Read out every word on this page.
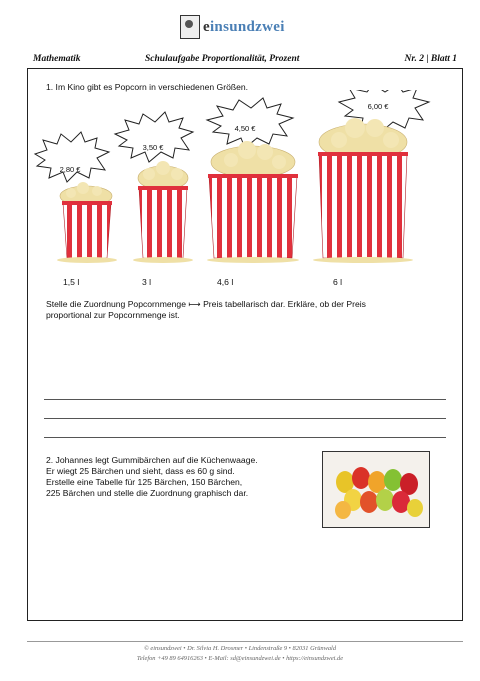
einsundzwei
Mathematik	Schulaufgabe Proportionalität, Prozent	Nr. 2 | Blatt 1
1. Im Kino gibt es Popcorn in verschiedenen Größen.
2,80 €
3,50 €
4,50 €
6,00 €
1,5 l	3 l	4,6 l	6 l
Stelle die Zuordnung Popcornmenge ⟼ Preis tabellarisch dar. Erkläre, ob der Preis
proportional zur Popcornmenge ist.
2. Johannes legt Gummibärchen auf die Küchenwaage.
Er wiegt 25 Bärchen und sieht, dass es 60 g sind.
Erstelle eine Tabelle für 125 Bärchen, 150 Bärchen,
225 Bärchen und stelle die Zuordnung graphisch dar.
© einsundzwei • Dr. Silvia H. Drosmer • Lindenstraße 9 • 82031 Grünwald
Telefon +49 89 64916263 • E-Mail: sd@einsundzwei.de • https://einsundzwei.de
